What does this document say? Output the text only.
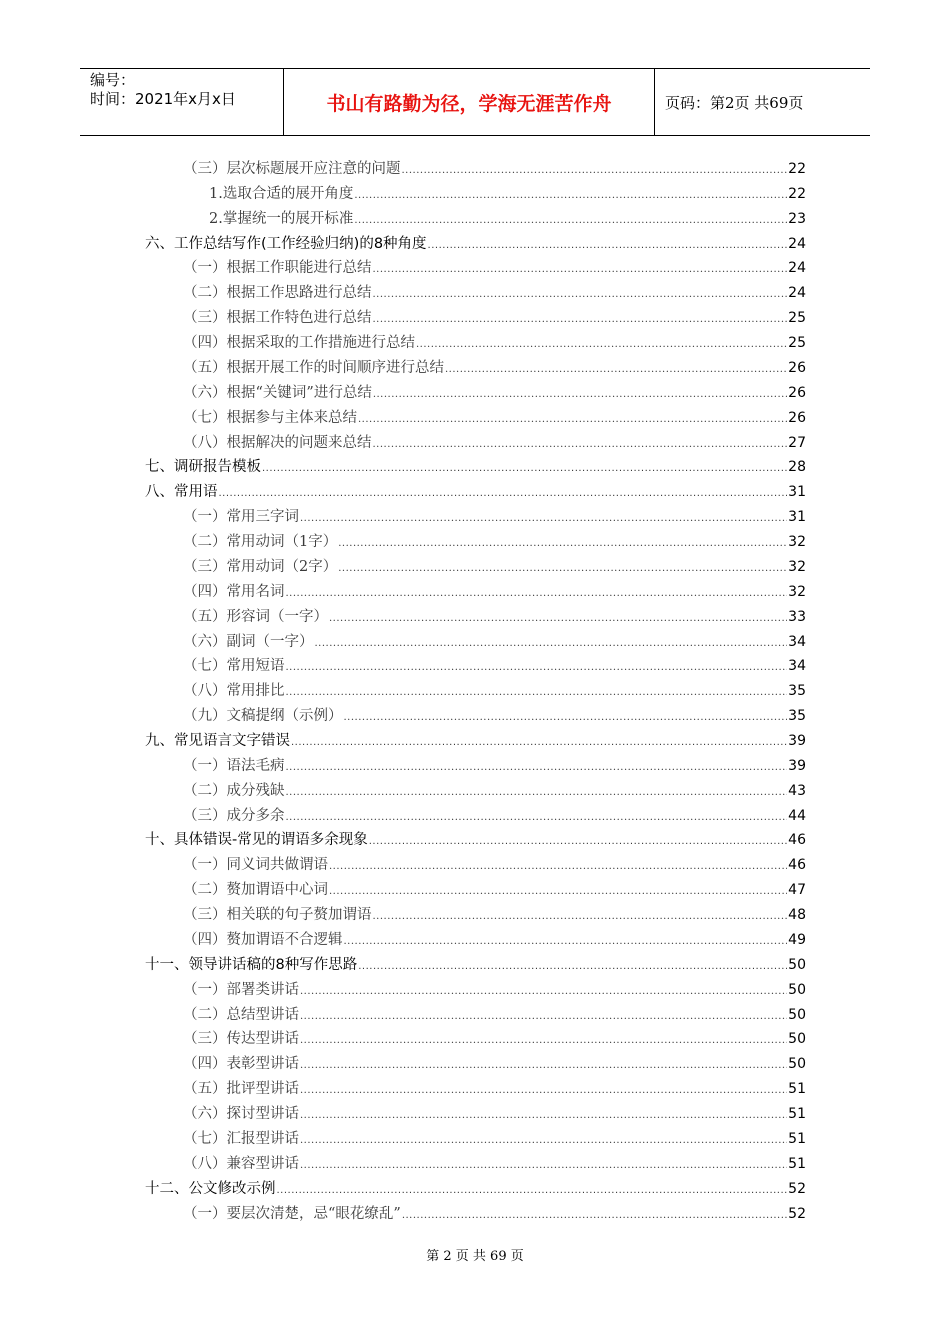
编号：
时间：2021年x月x日	书山有路勤为径，学海无涯苦作舟	页码：第2页 共69页
（三）层次标题展开应注意的问题 .....	22
1.选取合适的展开角度 .....	22
2.掌握统一的展开标准 .....	23
六、工作总结写作(工作经验归纳)的8种角度 .....	24
（一）根据工作职能进行总结 .....	24
（二）根据工作思路进行总结 .....	24
（三）根据工作特色进行总结 .....	25
（四）根据采取的工作措施进行总结 .....	25
（五）根据开展工作的时间顺序进行总结 .....	26
（六）根据“关键词”进行总结 .....	26
（七）根据参与主体来总结 .....	26
（八）根据解决的问题来总结 .....	27
七、调研报告模板 .....	28
八、常用语 .....	31
（一）常用三字词 .....	31
（二）常用动词（1字） .....	32
（三）常用动词（2字） .....	32
（四）常用名词 .....	32
（五）形容词（一字） .....	33
（六）副词（一字） .....	34
（七）常用短语 .....	34
（八）常用排比 .....	35
（九）文稿提纲（示例） .....	35
九、常见语言文字错误 .....	39
（一）语法毛病 .....	39
（二）成分残缺 .....	43
（三）成分多余 .....	44
十、具体错误-常见的谓语多余现象 .....	46
（一）同义词共做谓语 .....	46
（二）赘加谓语中心词 .....	47
（三）相关联的句子赘加谓语 .....	48
（四）赘加谓语不合逻辑 .....	49
十一、领导讲话稿的8种写作思路 .....	50
（一）部署类讲话 .....	50
（二）总结型讲话 .....	50
（三）传达型讲话 .....	50
（四）表彰型讲话 .....	50
（五）批评型讲话 .....	51
（六）探讨型讲话 .....	51
（七）汇报型讲话 .....	51
（八）兼容型讲话 .....	51
十二、公文修改示例 .....	52
（一）要层次清楚，忌“眼花缭乱” .....	52
第 2 页 共 69 页
